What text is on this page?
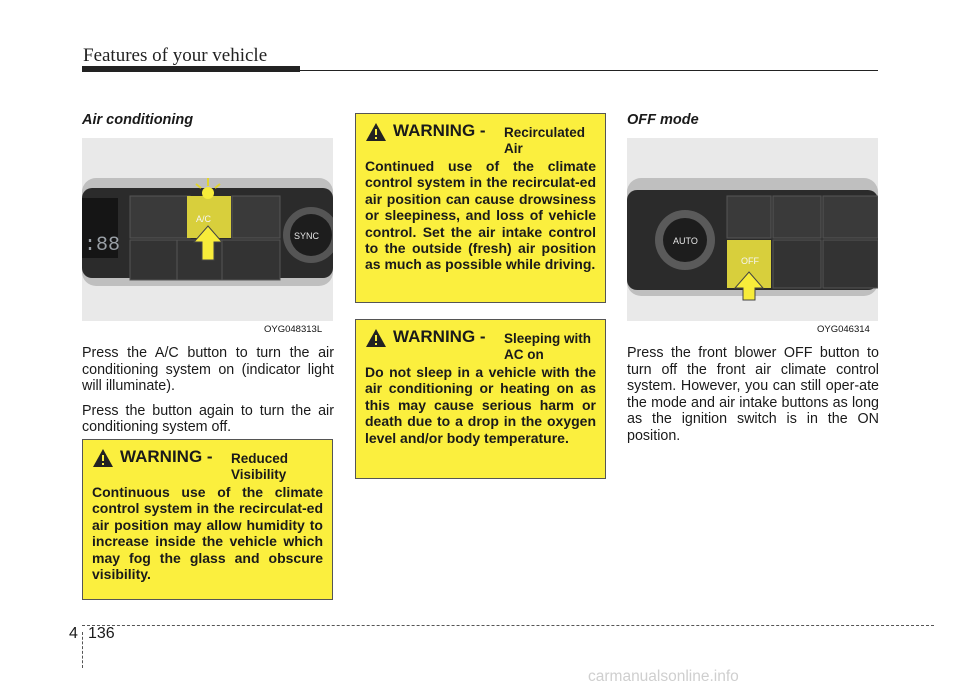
Features of your vehicle
Air conditioning
:88
A/C
SYNC
OYG048313L

Press the A/C button to turn the air conditioning system on (indicator light will illuminate).

Press the button again to turn the air conditioning system off.

WARNING - Reduced
Visibility
Continuous use of the climate control system in the recirculat-ed air position may allow humidity to increase inside the vehicle which may fog the glass and obscure visibility.
WARNING - Recirculated
Air
Continued use of the climate control system in the recirculat-ed air position can cause drowsiness or sleepiness, and loss of vehicle control. Set the air intake control to the outside (fresh) air position as much as possible while driving.
WARNING - Sleeping with
AC on
Do not sleep in a vehicle with the air conditioning or heating on as this may cause serious harm or death due to a drop in the oxygen level and/or body temperature.
OFF mode
AUTO
OFF
OYG046314

Press the front blower OFF button to turn off the front air climate control system. However, you can still oper-ate the mode and air intake buttons as long as the ignition switch is in the ON position.

4 136
carmanualsonline.info
